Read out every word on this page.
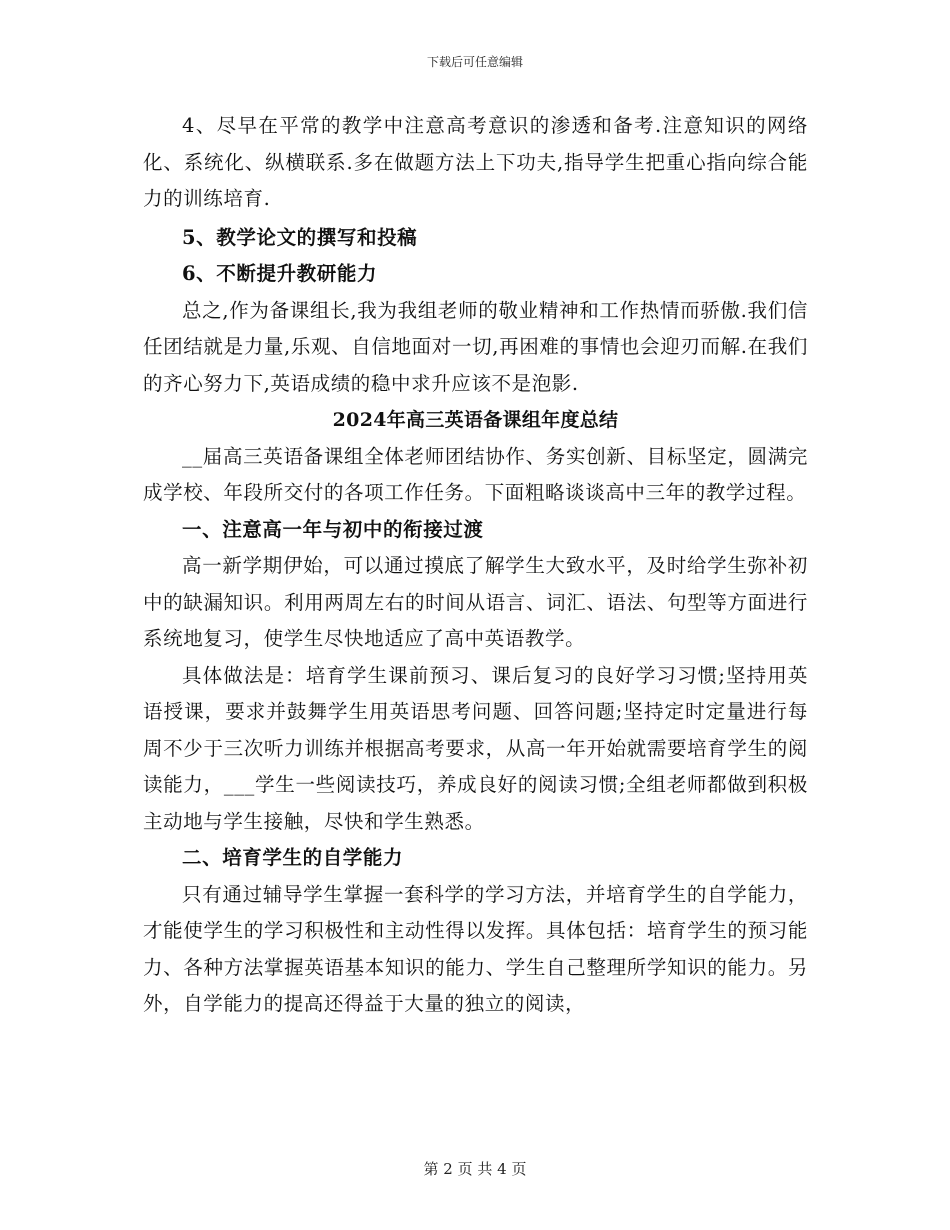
下载后可任意编辑

4、尽早在平常的教学中注意高考意识的渗透和备考.注意知识的网络化、系统化、纵横联系.多在做题方法上下功夫,指导学生把重心指向综合能力的训练培育.

5、教学论文的撰写和投稿

6、不断提升教研能力

总之,作为备课组长,我为我组老师的敬业精神和工作热情而骄傲.我们信任团结就是力量,乐观、自信地面对一切,再困难的事情也会迎刃而解.在我们的齐心努力下,英语成绩的稳中求升应该不是泡影.

2024年高三英语备课组年度总结

__届高三英语备课组全体老师团结协作、务实创新、目标坚定，圆满完成学校、年段所交付的各项工作任务。下面粗略谈谈高中三年的教学过程。

一、注意高一年与初中的衔接过渡

高一新学期伊始，可以通过摸底了解学生大致水平，及时给学生弥补初中的缺漏知识。利用两周左右的时间从语言、词汇、语法、句型等方面进行系统地复习，使学生尽快地适应了高中英语教学。

具体做法是：培育学生课前预习、课后复习的良好学习习惯;坚持用英语授课，要求并鼓舞学生用英语思考问题、回答问题;坚持定时定量进行每周不少于三次听力训练并根据高考要求，从高一年开始就需要培育学生的阅读能力，___学生一些阅读技巧，养成良好的阅读习惯;全组老师都做到积极主动地与学生接触，尽快和学生熟悉。

二、培育学生的自学能力

只有通过辅导学生掌握一套科学的学习方法，并培育学生的自学能力，才能使学生的学习积极性和主动性得以发挥。具体包括：培育学生的预习能力、各种方法掌握英语基本知识的能力、学生自己整理所学知识的能力。另外，自学能力的提高还得益于大量的独立的阅读，

第 2 页 共 4 页
